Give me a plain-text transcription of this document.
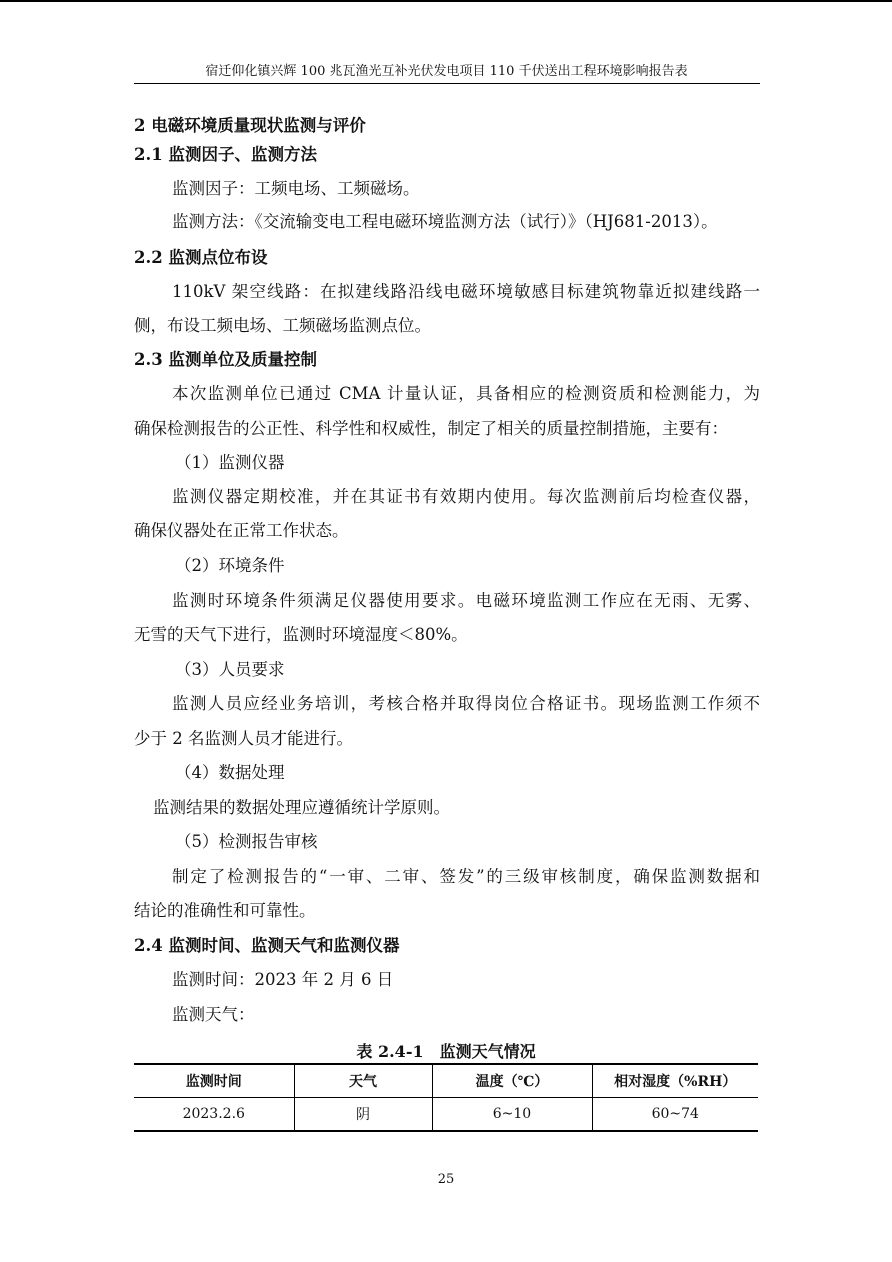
宿迁仰化镇兴辉 100 兆瓦渔光互补光伏发电项目 110 千伏送出工程环境影响报告表
2 电磁环境质量现状监测与评价
2.1 监测因子、监测方法
监测因子：工频电场、工频磁场。
监测方法：《交流输变电工程电磁环境监测方法（试行）》（HJ681-2013）。
2.2 监测点位布设
110kV 架空线路：在拟建线路沿线电磁环境敏感目标建筑物靠近拟建线路一
侧，布设工频电场、工频磁场监测点位。
2.3 监测单位及质量控制
本次监测单位已通过 CMA 计量认证，具备相应的检测资质和检测能力，为
确保检测报告的公正性、科学性和权威性，制定了相关的质量控制措施，主要有：
（1）监测仪器
监测仪器定期校准，并在其证书有效期内使用。每次监测前后均检查仪器，
确保仪器处在正常工作状态。
（2）环境条件
监测时环境条件须满足仪器使用要求。电磁环境监测工作应在无雨、无雾、
无雪的天气下进行，监测时环境湿度＜80%。
（3）人员要求
监测人员应经业务培训，考核合格并取得岗位合格证书。现场监测工作须不
少于 2 名监测人员才能进行。
（4）数据处理
监测结果的数据处理应遵循统计学原则。
（5）检测报告审核
制定了检测报告的“一审、二审、签发”的三级审核制度，确保监测数据和
结论的准确性和可靠性。
2.4 监测时间、监测天气和监测仪器
监测时间：2023 年 2 月 6 日
监测天气：
表 2.4-1　监测天气情况
监测时间	天气	温度（℃）	相对湿度（%RH）
2023.2.6	阴	6~10	60~74
25
